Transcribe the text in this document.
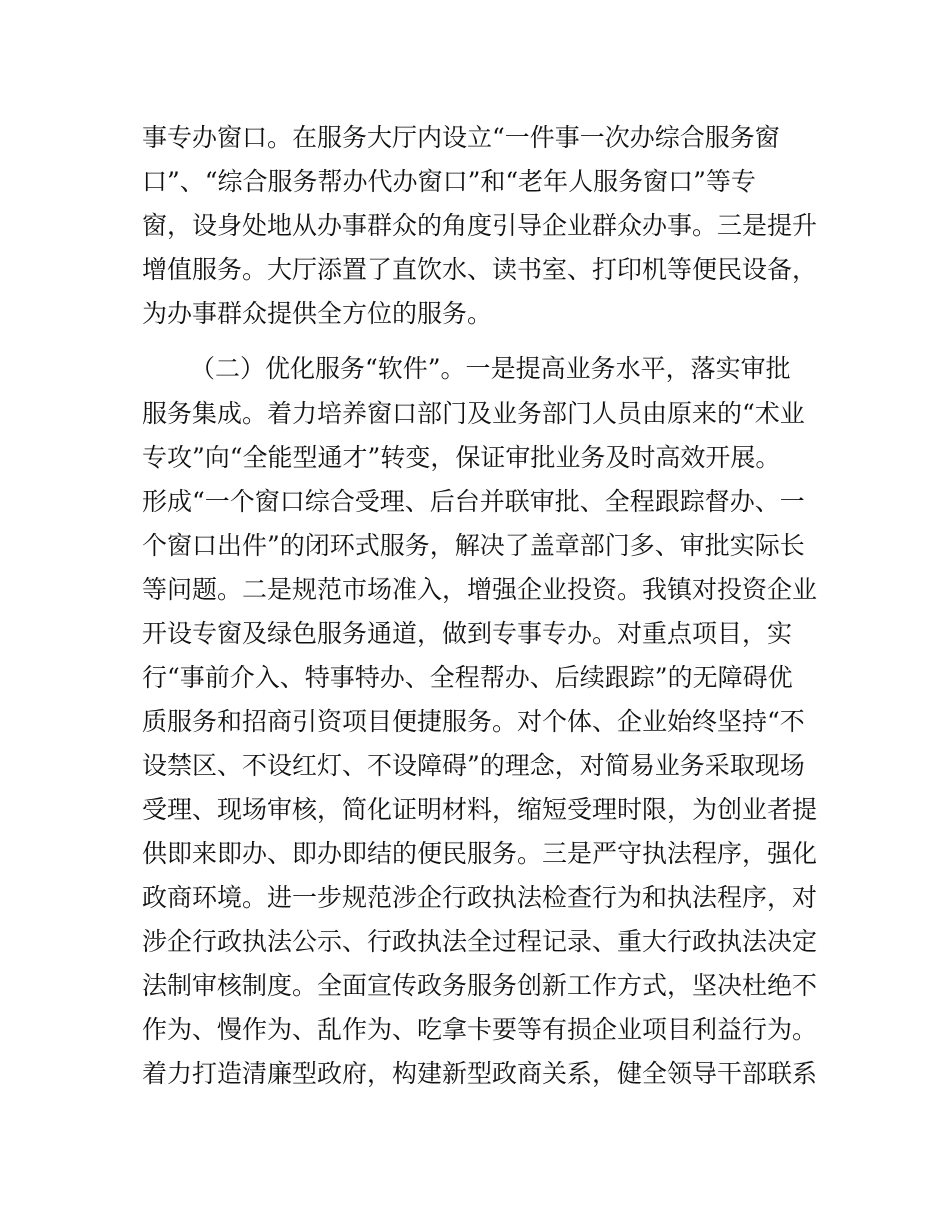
事专办窗口。在服务大厅内设立“一件事一次办综合服务窗
口”、“综合服务帮办代办窗口”和“老年人服务窗口”等专
窗，设身处地从办事群众的角度引导企业群众办事。三是提升
增值服务。大厅添置了直饮水、读书室、打印机等便民设备，
为办事群众提供全方位的服务。
（二）优化服务“软件”。一是提高业务水平，落实审批
服务集成。着力培养窗口部门及业务部门人员由原来的“术业
专攻”向“全能型通才”转变，保证审批业务及时高效开展。
形成“一个窗口综合受理、后台并联审批、全程跟踪督办、一
个窗口出件”的闭环式服务，解决了盖章部门多、审批实际长
等问题。二是规范市场准入，增强企业投资。我镇对投资企业
开设专窗及绿色服务通道，做到专事专办。对重点项目，实
行“事前介入、特事特办、全程帮办、后续跟踪”的无障碍优
质服务和招商引资项目便捷服务。对个体、企业始终坚持“不
设禁区、不设红灯、不设障碍”的理念，对简易业务采取现场
受理、现场审核，简化证明材料，缩短受理时限，为创业者提
供即来即办、即办即结的便民服务。三是严守执法程序，强化
政商环境。进一步规范涉企行政执法检查行为和执法程序，对
涉企行政执法公示、行政执法全过程记录、重大行政执法决定
法制审核制度。全面宣传政务服务创新工作方式，坚决杜绝不
作为、慢作为、乱作为、吃拿卡要等有损企业项目利益行为。
着力打造清廉型政府，构建新型政商关系，健全领导干部联系
